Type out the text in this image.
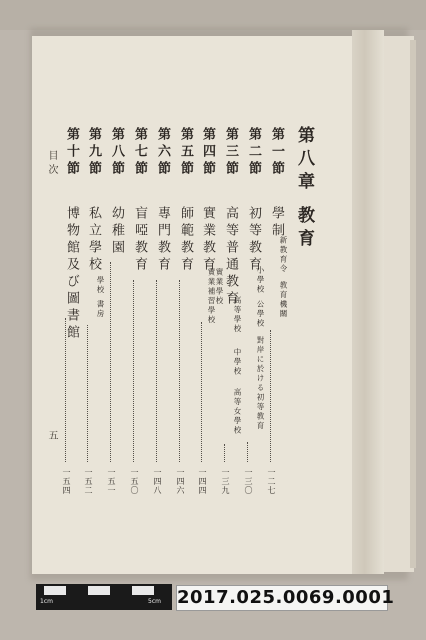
第八章
教育
第一節
學制
新教育令
教育機關
一二七
第二節
初等教育
小學校
公學校
對岸に於ける初等教育
一三〇
第三節
高等普通教育
高等學校
中學校
高等女學校
一三九
第四節
實業教育
實業學校
實業補習學校
一四四
第五節
師範教育
一四六
第六節
專門教育
一四八
第七節
盲啞教育
一五〇
第八節
幼稚園
一五一
第九節
私立學校
學校
書房
一五二
第十節
博物館及び圖書館
一五四
目次
五
1cm	5cm 2017.025.0069.0001
